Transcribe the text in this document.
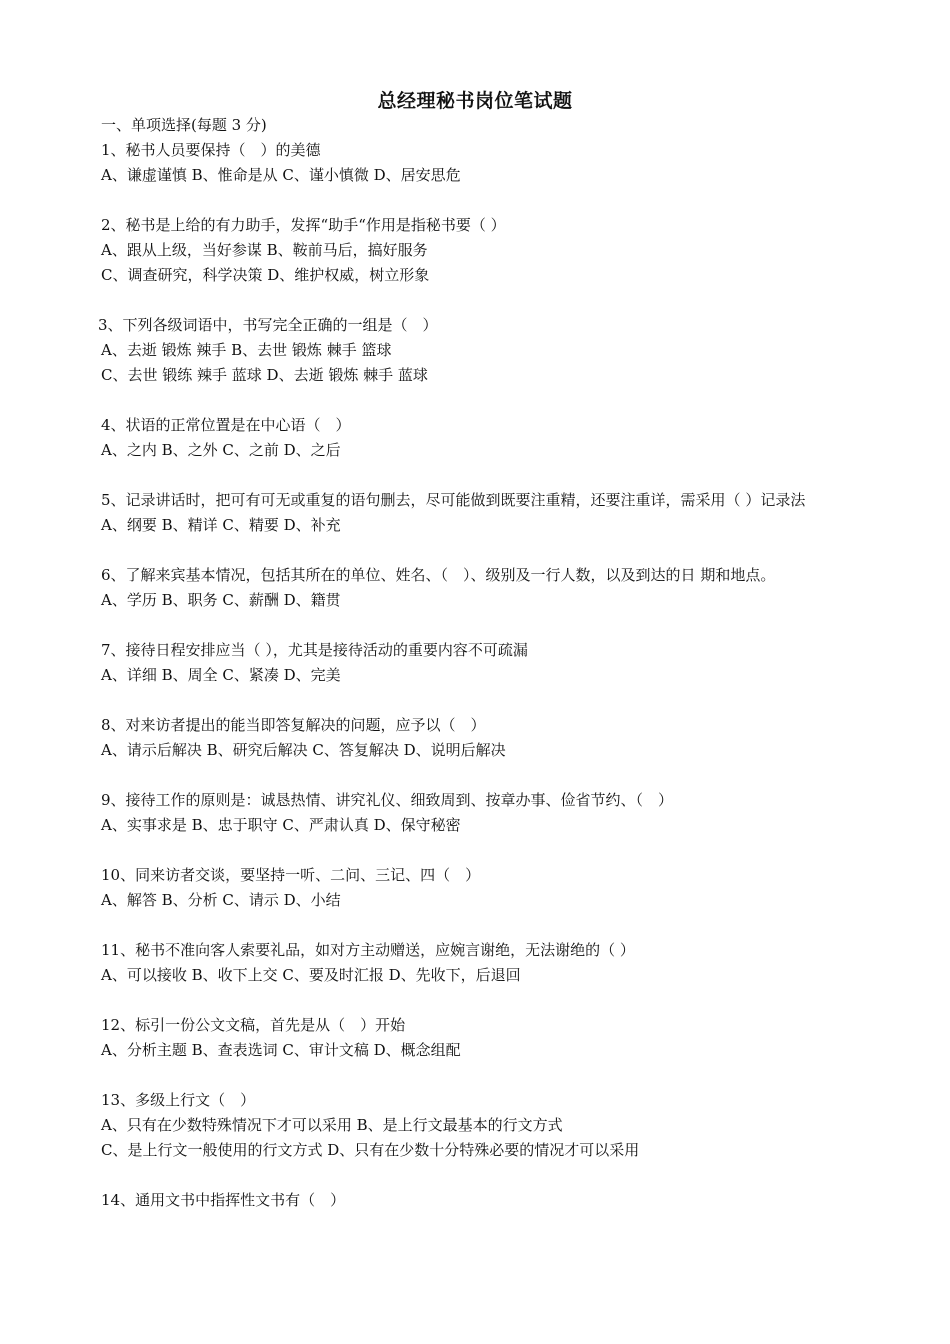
总经理秘书岗位笔试题
一、单项选择(每题 3 分)
1、秘书人员要保持（　）的美德
A、谦虚谨慎 B、惟命是从 C、谨小慎微 D、居安思危
2、秘书是上给的有力助手，发挥“助手“作用是指秘书要（ ）
A、跟从上级，当好参谋 B、鞍前马后，搞好服务
C、调查研究，科学决策 D、维护权威，树立形象
3、下列各级词语中，书写完全正确的一组是（　）
A、去逝 锻炼 辣手 B、去世 锻炼 棘手 篮球
C、去世 锻练 辣手 蓝球 D、去逝 锻炼 棘手 蓝球
4、状语的正常位置是在中心语（　）
A、之内 B、之外 C、之前 D、之后
5、记录讲话时，把可有可无或重复的语句删去，尽可能做到既要注重精，还要注重详，需采用（ ）记录法
A、纲要 B、精详 C、精要 D、补充
6、了解来宾基本情况，包括其所在的单位、姓名、（　）、级别及一行人数，以及到达的日 期和地点。
A、学历 B、职务 C、薪酬 D、籍贯
7、接待日程安排应当（ ），尤其是接待活动的重要内容不可疏漏
A、详细 B、周全 C、紧凑 D、完美
8、对来访者提出的能当即答复解决的问题，应予以（　）
A、请示后解决 B、研究后解决 C、答复解决 D、说明后解决
9、接待工作的原则是：诚恳热情、讲究礼仪、细致周到、按章办事、俭省节约、（　）
A、实事求是 B、忠于职守 C、严肃认真 D、保守秘密
10、同来访者交谈，要坚持一听、二问、三记、四（　）
A、解答 B、分析 C、请示 D、小结
11、秘书不准向客人索要礼品，如对方主动赠送，应婉言谢绝，无法谢绝的（ ）
A、可以接收 B、收下上交 C、要及时汇报 D、先收下，后退回
12、标引一份公文文稿，首先是从（　）开始
A、分析主题 B、查表选词 C、审计文稿 D、概念组配
13、多级上行文（　）
A、只有在少数特殊情况下才可以采用 B、是上行文最基本的行文方式
C、是上行文一般使用的行文方式 D、只有在少数十分特殊必要的情况才可以采用
14、通用文书中指挥性文书有（　）
